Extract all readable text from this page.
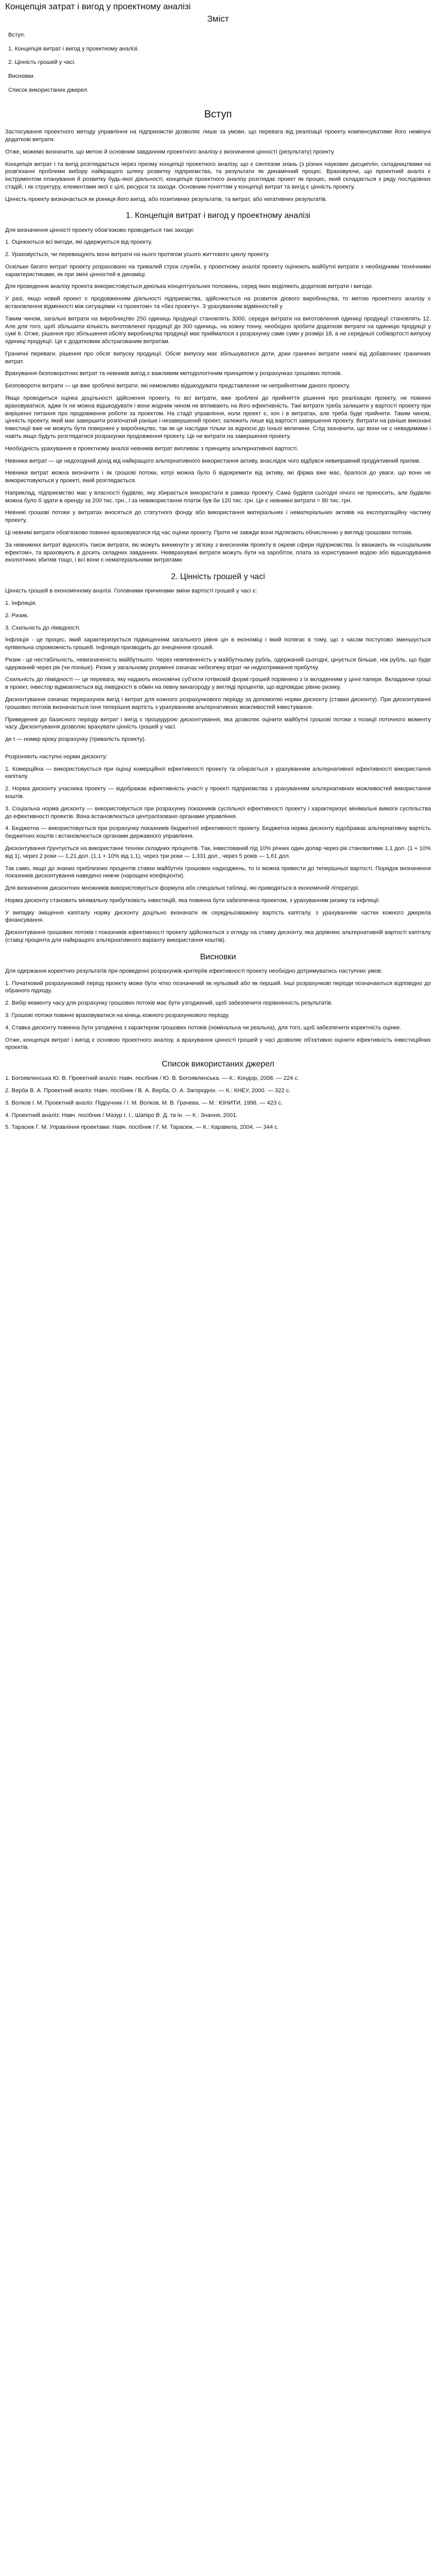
Концепція затрат і вигод у проектному аналізі
Зміст
Вступ.
1. Концепція витрат і вигод у проектному аналізі.
2. Цінність грошей у часі.
Висновки.
Список використаних джерел.
Вступ

Застосування проектного методу управління на підприємстві дозволяє лише за умови, що перевага від реалізації проекту компенсуватиме його немінучі додаткові витрати.

Отже, можемо визначити, що метою й основним завданням проектного аналізу є визначення цінності (результату) проекту.

Концепція витрат і та вигід розглядається через призму концепції проектного аналізу, що є синтезом знань (з різних наукових дисциплін, складництвами на розв'язанні проблеми вибору найкращого шляху розвитку підприємства, та результати як динамічний процес. Враховуючи, що проектний аналіз є інструментом планування й розвитку будь-якої діяльності, концепція проектного аналізу розглядає проект як процес, який складається з ряду послідовних стадій, і як структуру, елементами якої є цілі, ресурси та заходи. Основним поняттям у концепції витрат та вигід є цінність проекту.

Цінність проекту визначається як різниця його вигод, або позитивних результатів, та витрат, або негативних результатів.

1. Концепція витрат і вигод у проектному аналізі

Для визначення цінності проекту обов'язково проводиться такі заходи:

1. Оцінюються всі вигоди, які одержуються від проекту.

2. Ураховується, чи перевищують вони витрати на нього протягом усього життєвого циклу проекту.

Оскільки багато витрат проекту розраховано на тривалий строк служби, у проектному аналізі проекту оцінюють майбутні витрати з необхідними технічними характеристиками, як при зміні цінностей в динаміці.

Для проведення аналізу проекта використовується декілька концептуальних положень, серед яких виділяють додаткові витрати і вигоди.

У разі, якщо новий проект є продовженням діяльності підприємства, здійснюється на розвиток дієвого виробництва, то метою проектного аналізу є встановлення відмінності між ситуаціями «з проектом» та «без проекту». З урахуванням відмінностей у

Таким чином, загальні витрати на виробництво 250 одиниць продукції становлять 3000, середні витрати на виготовлення одиниці продукції становлять 12. Але для того, щоб збільшити кількість виготовленої продукції до 300 одиниць, на кожну тонну, необхідно зробити додаткові витрати на одиницю продукції у сумі 6. Отже, рішення про збільшення обсягу виробництва продукції має приймалося з розрахунку саме суми у розмірі 18, а не середньої собівартості випуску одиниці продукції. Це є додатковим абстрагованим витратам.

Граничні переваги. рішення про обсяг випуску продукції. Обсяг випуску має збільшуватися доти, доки граничні витрати нижчі від добавочних граничних витрат.

Врахування безповоротних витрат та невників вигод є важливим методологічним принципом у розрахунках грошових потоків.

Безповоротні витрати — це вже зроблені витрати, які неможливо відшкодувати представлення чи неприйнятним даного проекту.

Якщо проводиться оцінка доцільності здійснення проекту, то всі витрати, вже зроблені до прийняття рішення про реалізацію проекту, не повинні враховуватися, адже їх не можна відшкодувати і вони жодним чином не впливають на його ефективність. Такі витрати треба залишити у вартості проекту при вирішенні питання про продовження роботи за проектом. На стадії управління, коли проект є, хоч і в витратах, але треба буде прийняти. Таким чином, цінність проекту, який має завершити розпочатий раніше і незавершений проект, залежить лише від вартості завершення проекту. Витрати на раніше виконані інвестиції вже не можуть бути повернені у виробництво, так як це наслідки тільки за відносні до їхньої величини. Слід зазначити, що вони не є невидимими і навіть якщо будуть розглядатися розрахунки продовження проекту. Це не витрати на завершення проекту.

Необхідність урахування в проектному аналізі невників витрат випливає з принципу альтернативної вартості.

Невники витрат — це недоходний дохід від найкращого альтернативного використання активу, внаслідок чого відбувся невиправний продуктивний прилив.

Невники витрат можна визначити і як грошові потоки, котрі можна було б відокремити від активу, які фірма вже має, бралося до уваги, що вони не використовуються у проекті, який розглядається.

Наприклад, підприємство має у власності будівлю, яку збирається використати в рамках проекту. Сама будівля сьогодні нічого не приносить, але будівлю можна було б здати в оренду за 200 тис. грн., і за невикористання платіж був би 120 тис. грн. Це є невникні витрати = 80 тис. грн.

Невникі грошові потоки у витратах вносяться до статутного фонду або використання матеріальних і нематеріальних активів на експлуатаційну частину проекту.

Ці невникі витрати обов'язково повинні враховуватися під час оцінки проекту. Проте не завжди вони підлягають обчисленню у вигляді грошових потоків.

За невникних витрат відносять також витрати, які можуть виникнути у зв'язку з внесенням проекту в окремі сфери підприємства. Їх вважають як «соціальним ефектом», та враховують в досить складних завданнях. Невврахувані витрати можуть бути на заробіток, плата за користування водою або відшкодування екологічних збитків тощо, і всі вони є нематеріальними витратами.

2. Цінність грошей у часі

Цінність грошей в економічному аналізі. Головними причинами зміни вартості грошей у часі є:

1. Інфляція.

2. Ризик.

3. Схильність до ліквідності.

Інфляція - це процес, який характеризується підвищенням загального рівня цін в економіці і який полягає в тому, що з часом поступово зменшується купівельна спроможність грошей. Інфляція призводить до знецінення грошей.

Ризик - це нестабільність, невизначеність майбутнього. Через невпевненість у майбутньому рубль, одержаний сьогодні, цінується більше, ніж рубль, що буде одержаний через рік (чи пізніше). Ризик у загальному розумінні означає небезпеку втрат чи недоотримання прибутку.

Схильність до ліквідності — це перевага, яку надають економічні суб'єкти готівковій формі грошей порівняно з їх вкладенням у цінні папери. Вкладаючи гроші в проект, інвестор відмовляється від ліквідності в обмін на певну винагороду у вигляді процентів, що відповідає рівню ризику.

Дисконтування означає перерахунок вигід і витрат для кожного розрахункового періоду за допомогою норми дисконту (ставки дисконту). При дисконтуванні грошових потоків визначається їхня теперішня вартість з урахуванням альтернативних можливостей інвестування.

Приведення до базисного періоду витрат і вигід є процедурою дисконтування, яка дозволяє оцінити майбутні грошові потоки з позиції поточного моменту часу. Дисконтування дозволяє врахувати цінність грошей у часі.

де t — номер кроку розрахунку (тривалість проекту).

Розрізняють наступні норми дисконту:

1. Комерційна — використовується при оцінці комерційної ефективності проекту та обирається з урахуванням альтернативної ефективності використання капіталу.

2. Норма дисконту учасника проекту — відображає ефективність участі у проекті підприємства з урахуванням альтернативних можливостей використання коштів.

3. Соціальна норма дисконту — використовується при розрахунку показників суспільної ефективності проекту і характеризує мінімальні вимоги суспільства до ефективності проектів. Вона встановлюється централізовано органами управління.

4. Бюджетна — використовується при розрахунку показників бюджетної ефективності проекту. Бюджетна норма дисконту відображає альтернативну вартість бюджетних коштів і встановлюється органами державного управління.

Дисконтування ґрунтується на використанні техніки складних процентів. Так, інвестований під 10% річних один долар через рік становитиме 1,1 дол. (1 + 10% від 1), через 2 роки — 1,21 дол. (1,1 + 10% від 1,1), через три роки — 1,331 дол., через 5 років — 1,61 дол.

Так само, якщо до знаних приблизних процентів ставки майбутніх грошових надходжень, то їх можна привести до теперішньої вартості. Порядок визначення показників дисконтування наведено нижче (нарощені коефіцієнти).

Для визначення дисконтних множників використовується формула або спеціальні таблиці, які приводяться в економічній літературі.

Норма дисконту становить мінімальну прибутковість інвестицій, яка повинна бути забезпечена проектом, з урахуванням ризику та інфляції.

У випадку зміщення капіталу норму дисконту доцільно визначати як середньозважену вартість капіталу, з урахуванням частки кожного джерела фінансування.

Дисконтування грошових потоків і показників ефективності проекту здійснюється з огляду на ставку дисконту, яка дорівнює альтернативній вартості капіталу (ставці процента для найкращого альтернативного варіанту використання коштів).

Висновки

Для одержання коректних результатів при проведенні розрахунків критеріїв ефективності проекту необхідно дотримуватись наступних умов:

1. Початковий розрахунковий період проекту може бути чітко позначений як нульовий або як перший. Інші розрахункові періоди позначаються відповідно до обраного підходу.

2. Вибір моменту часу для розрахунку грошових потоків має бути узгоджений, щоб забезпечити порівнянність результатів.

3. Грошові потоки повинні враховуватися на кінець кожного розрахункового періоду.

4. Ставка дисконту повинна бути узгоджена з характером грошових потоків (номінальна чи реальна), для того, щоб забезпечити коректність оцінки.

Отже, концепція витрат і вигод є основою проектного аналізу, а врахування цінності грошей у часі дозволяє об'єктивно оцінити ефективність інвестиційних проектів.

Список використаних джерел

1. Богоявленська Ю. В. Проектний аналіз: Навч. посібник / Ю. В. Богоявленська. — К.: Кондор, 2008. — 224 с.

2. Верба В. А. Проектний аналіз: Навч. посібник / В. А. Верба, О. А. Загородніх. — К.: КНЕУ, 2000. — 322 с.

3. Волков І. М. Проектний аналіз: Підручник / І. М. Волков, М. В. Грачева. — М.: ЮНИТИ, 1998. — 423 с.

4. Проектний аналіз: Навч. посібник / Мазур І. І., Шапіро В. Д. та ін. — К.: Знання, 2001.

5. Тарасюк Г. М. Управління проектами: Навч. посібник / Г. М. Тарасюк. — К.: Каравела, 2004. — 344 с.
